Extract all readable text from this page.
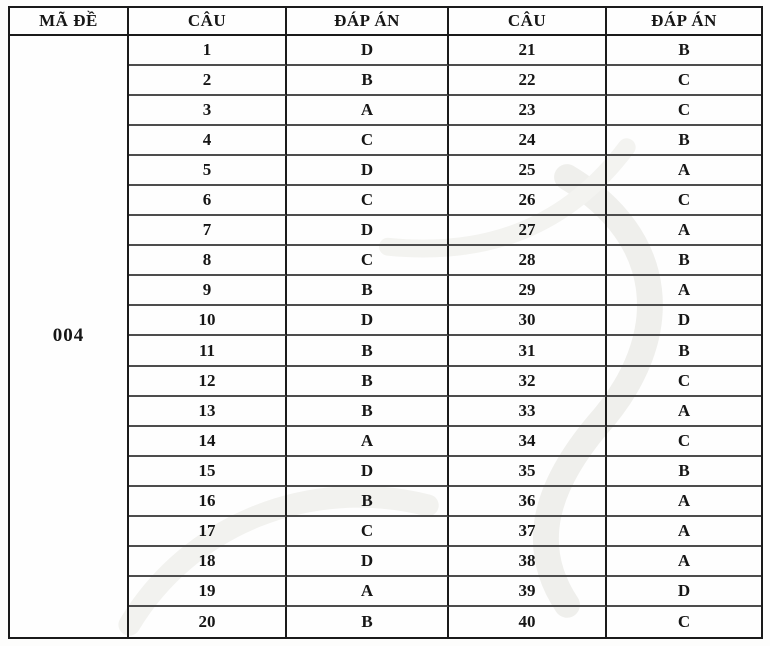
MÃ ĐỀ	CÂU	ĐÁP ÁN	CÂU	ĐÁP ÁN
004
1	D	21	B
2	B	22	C
3	A	23	C
4	C	24	B
5	D	25	A
6	C	26	C
7	D	27	A
8	C	28	B
9	B	29	A
10	D	30	D
11	B	31	B
12	B	32	C
13	B	33	A
14	A	34	C
15	D	35	B
16	B	36	A
17	C	37	A
18	D	38	A
19	A	39	D
20	B	40	C
